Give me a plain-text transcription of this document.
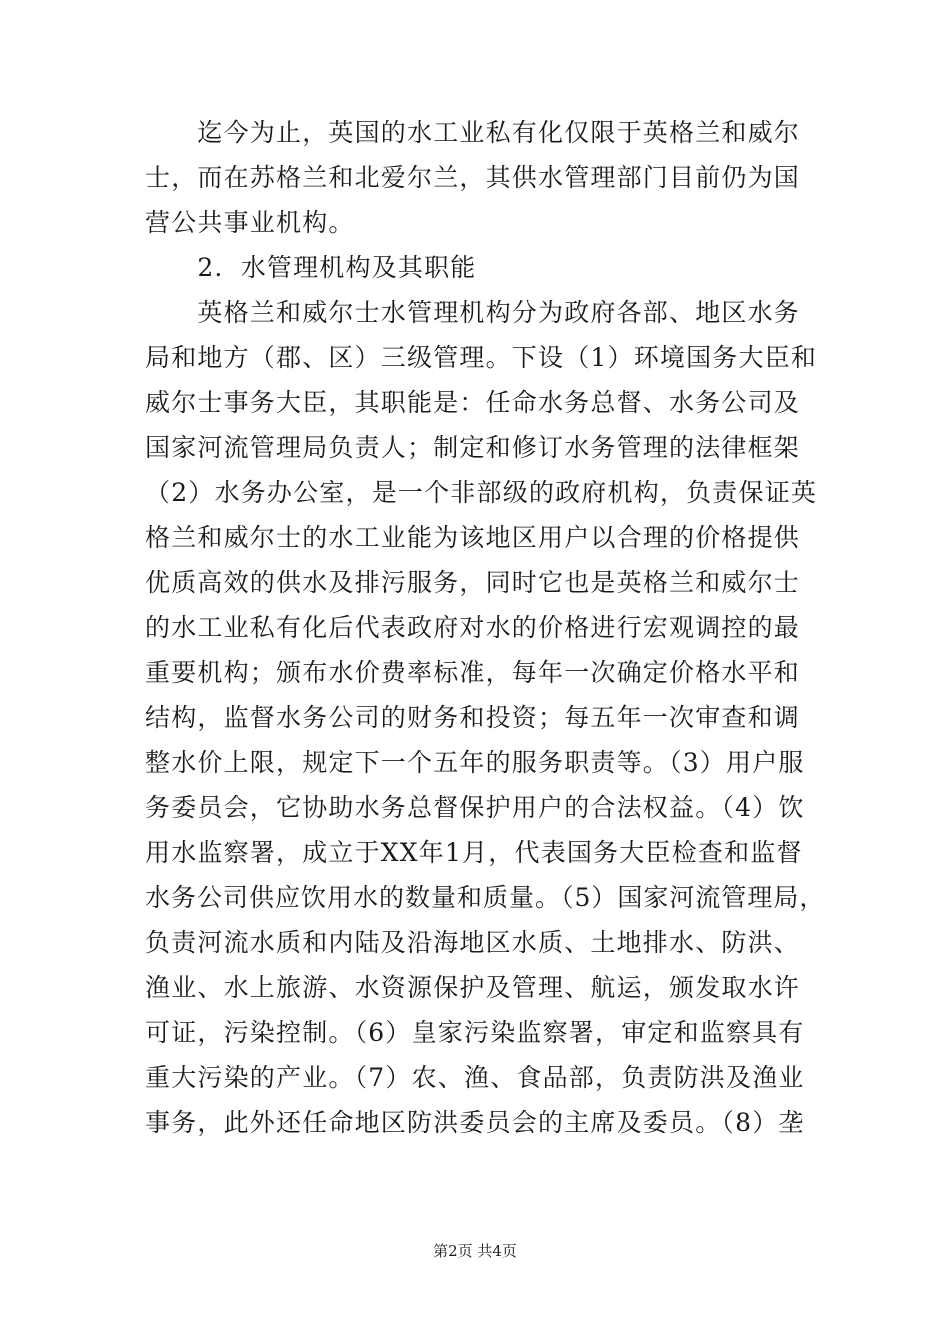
　　迄今为止，英国的水工业私有化仅限于英格兰和威尔
士，而在苏格兰和北爱尔兰，其供水管理部门目前仍为国
营公共事业机构。
　　2．水管理机构及其职能
　　英格兰和威尔士水管理机构分为政府各部、地区水务
局和地方（郡、区）三级管理。下设（1）环境国务大臣和
威尔士事务大臣，其职能是：任命水务总督、水务公司及
国家河流管理局负责人；制定和修订水务管理的法律框架
（2）水务办公室，是一个非部级的政府机构，负责保证英
格兰和威尔士的水工业能为该地区用户以合理的价格提供
优质高效的供水及排污服务，同时它也是英格兰和威尔士
的水工业私有化后代表政府对水的价格进行宏观调控的最
重要机构；颁布水价费率标准，每年一次确定价格水平和
结构，监督水务公司的财务和投资；每五年一次审查和调
整水价上限，规定下一个五年的服务职责等。（3）用户服
务委员会，它协助水务总督保护用户的合法权益。（4）饮
用水监察署，成立于XX年1月，代表国务大臣检查和监督
水务公司供应饮用水的数量和质量。（5）国家河流管理局，
负责河流水质和内陆及沿海地区水质、土地排水、防洪、
渔业、水上旅游、水资源保护及管理、航运，颁发取水许
可证，污染控制。（6）皇家污染监察署，审定和监察具有
重大污染的产业。（7）农、渔、食品部，负责防洪及渔业
事务，此外还任命地区防洪委员会的主席及委员。（8）垄
第2页 共4页
